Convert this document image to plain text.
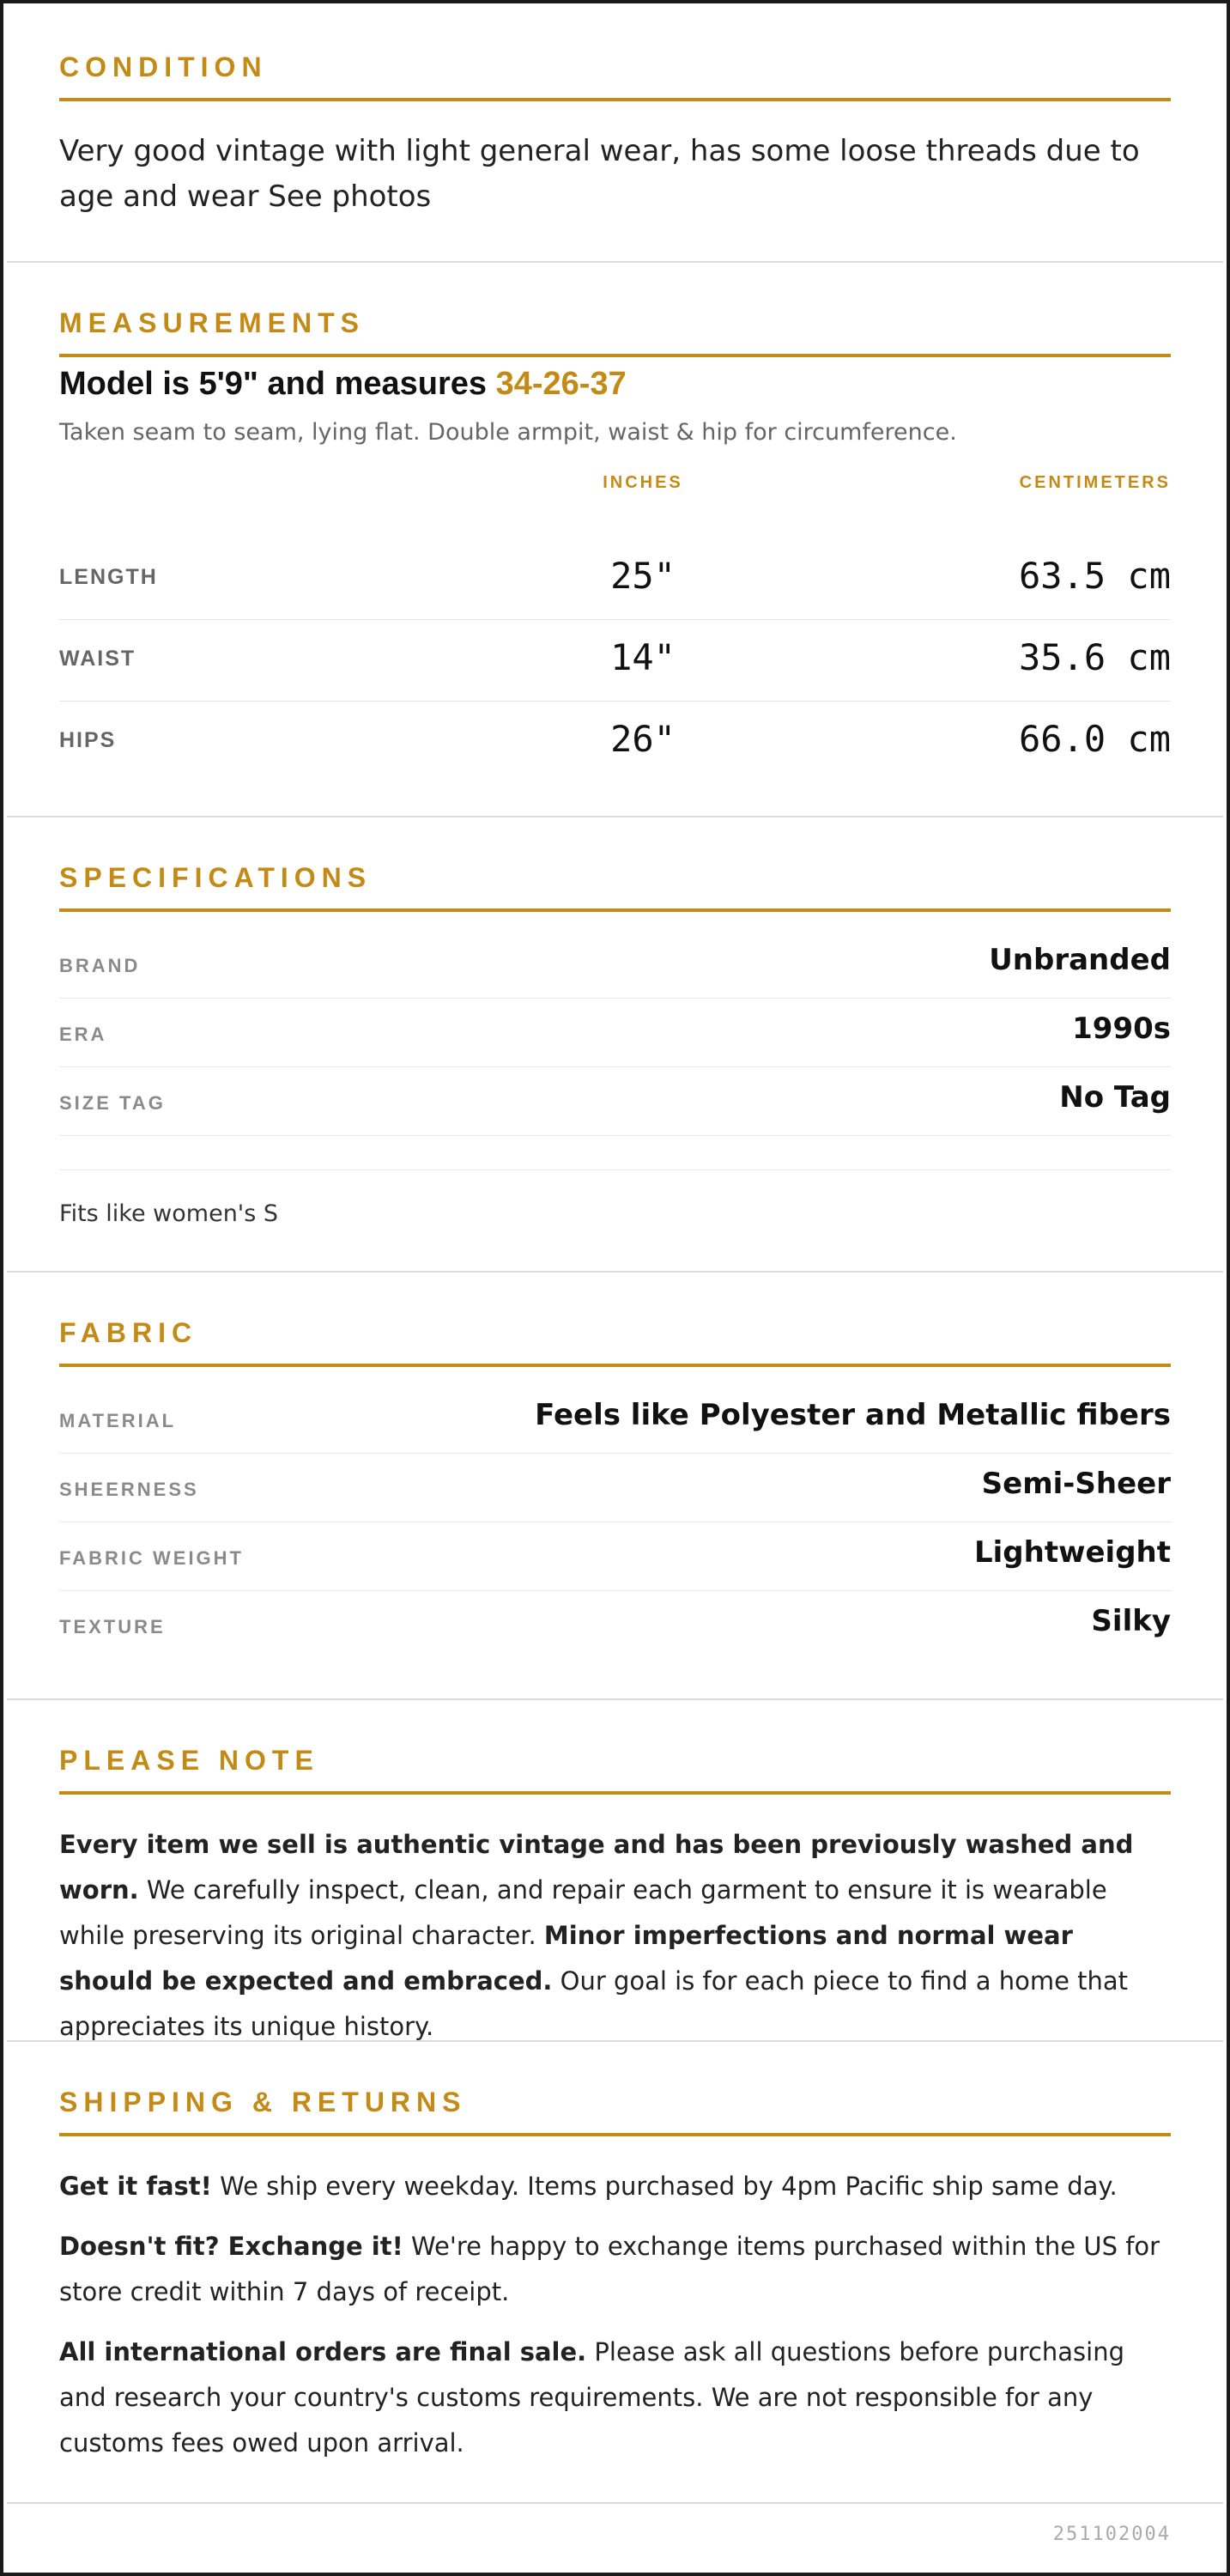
CONDITION
Very good vintage with light general wear, has some loose threads due to age and wear See photos
MEASUREMENTS
Model is 5'9" and measures 34-26-37
Taken seam to seam, lying flat. Double armpit, waist & hip for circumference.
INCHES	CENTIMETERS
LENGTH	25"	63.5 cm
WAIST	14"	35.6 cm
HIPS	26"	66.0 cm
SPECIFICATIONS
BRAND	Unbranded
ERA	1990s
SIZE TAG	No Tag
Fits like women's S
FABRIC
MATERIAL	Feels like Polyester and Metallic fibers
SHEERNESS	Semi-Sheer
FABRIC WEIGHT	Lightweight
TEXTURE	Silky
PLEASE NOTE
Every item we sell is authentic vintage and has been previously washed and worn. We carefully inspect, clean, and repair each garment to ensure it is wearable while preserving its original character. Minor imperfections and normal wear should be expected and embraced. Our goal is for each piece to find a home that appreciates its unique history.
SHIPPING & RETURNS
Get it fast! We ship every weekday. Items purchased by 4pm Pacific ship same day.
Doesn't fit? Exchange it! We're happy to exchange items purchased within the US for store credit within 7 days of receipt.
All international orders are final sale. Please ask all questions before purchasing and research your country's customs requirements. We are not responsible for any customs fees owed upon arrival.
251102004
